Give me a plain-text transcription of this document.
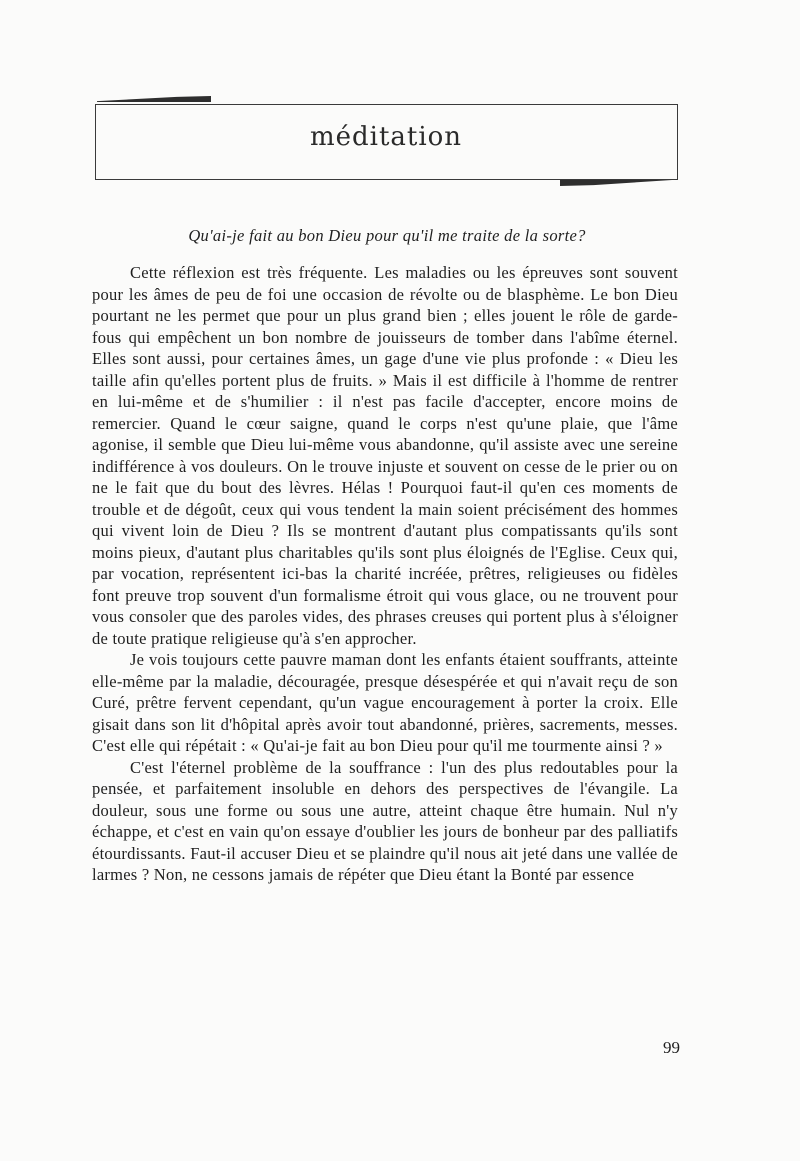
méditation
Qu'ai-je fait au bon Dieu pour qu'il me traite de la sorte?

Cette réflexion est très fréquente. Les maladies ou les épreuves sont souvent pour les âmes de peu de foi une occasion de révolte ou de blasphème. Le bon Dieu pourtant ne les permet que pour un plus grand bien ; elles jouent le rôle de garde-fous qui empêchent un bon nombre de jouisseurs de tomber dans l'abîme éternel. Elles sont aussi, pour certaines âmes, un gage d'une vie plus profonde : « Dieu les taille afin qu'elles portent plus de fruits. » Mais il est difficile à l'homme de rentrer en lui-même et de s'humilier : il n'est pas facile d'accepter, encore moins de remercier. Quand le cœur saigne, quand le corps n'est qu'une plaie, que l'âme agonise, il semble que Dieu lui-même vous abandonne, qu'il assiste avec une sereine indifférence à vos douleurs. On le trouve injuste et souvent on cesse de le prier ou on ne le fait que du bout des lèvres. Hélas ! Pourquoi faut-il qu'en ces moments de trouble et de dégoût, ceux qui vous tendent la main soient précisément des hommes qui vivent loin de Dieu ? Ils se montrent d'autant plus compatissants qu'ils sont moins pieux, d'autant plus charitables qu'ils sont plus éloignés de l'Eglise. Ceux qui, par vocation, représentent ici-bas la charité incréée, prêtres, religieuses ou fidèles font preuve trop souvent d'un formalisme étroit qui vous glace, ou ne trouvent pour vous consoler que des paroles vides, des phrases creuses qui portent plus à s'éloigner de toute pratique religieuse qu'à s'en approcher.

Je vois toujours cette pauvre maman dont les enfants étaient souffrants, atteinte elle-même par la maladie, découragée, presque désespérée et qui n'avait reçu de son Curé, prêtre fervent cependant, qu'un vague encouragement à porter la croix. Elle gisait dans son lit d'hôpital après avoir tout abandonné, prières, sacrements, messes. C'est elle qui répétait : « Qu'ai-je fait au bon Dieu pour qu'il me tourmente ainsi ? »

C'est l'éternel problème de la souffrance : l'un des plus redoutables pour la pensée, et parfaitement insoluble en dehors des perspectives de l'évangile. La douleur, sous une forme ou sous une autre, atteint chaque être humain. Nul n'y échappe, et c'est en vain qu'on essaye d'oublier les jours de bonheur par des palliatifs étourdissants. Faut-il accuser Dieu et se plaindre qu'il nous ait jeté dans une vallée de larmes ? Non, ne cessons jamais de répéter que Dieu étant la Bonté par essence

99
